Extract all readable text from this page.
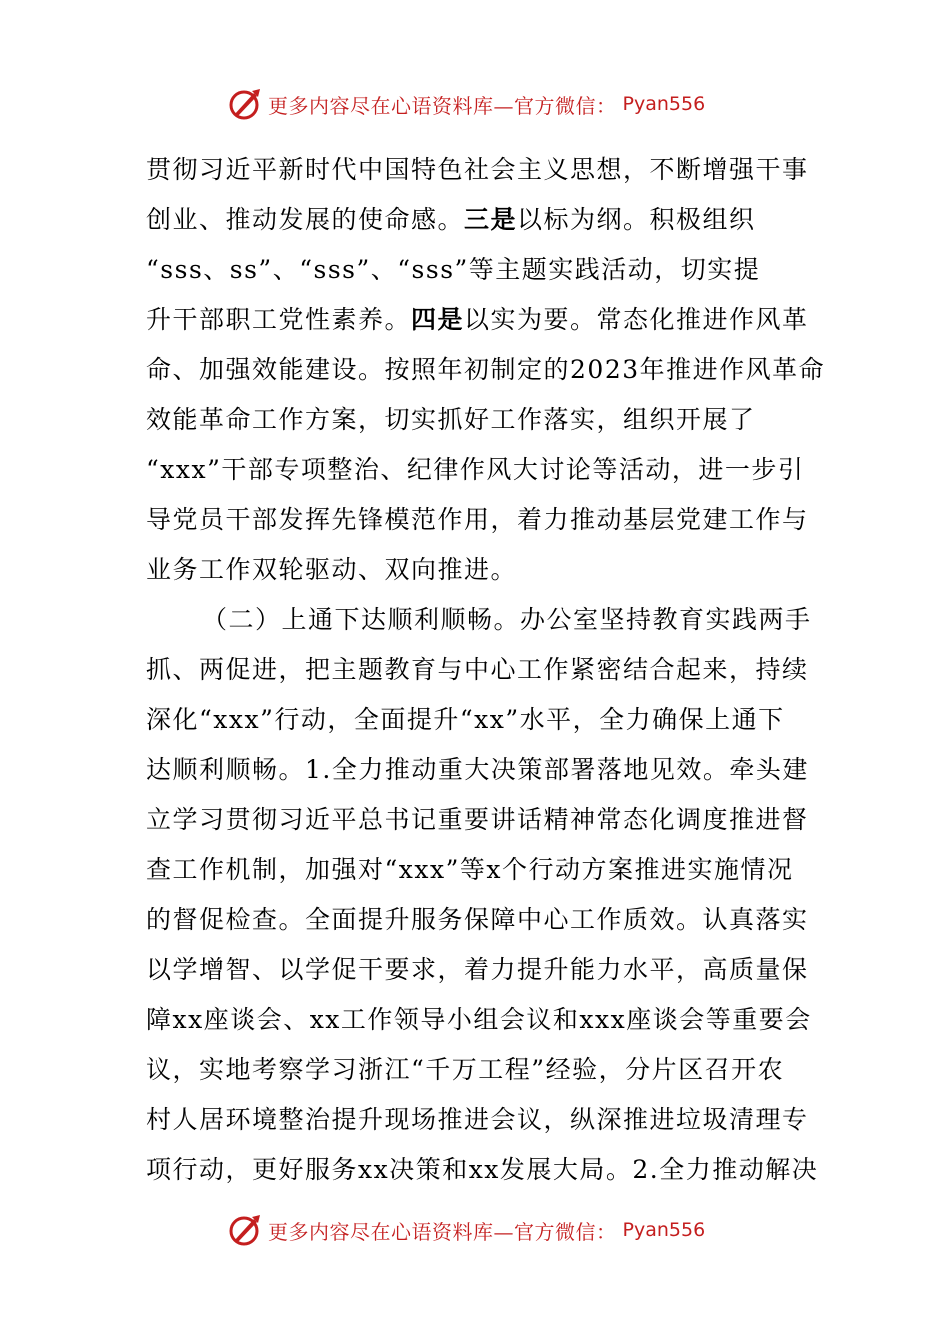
更多内容尽在心语资料库—官方微信： Pyan556
贯彻习近平新时代中国特色社会主义思想，不断增强干事
创业、推动发展的使命感。三是以标为纲。积极组织
“sss、ss”、“sss”、“sss”等主题实践活动，切实提
升干部职工党性素养。四是以实为要。常态化推进作风革
命、加强效能建设。按照年初制定的2023年推进作风革命
效能革命工作方案，切实抓好工作落实，组织开展了
“xxx”干部专项整治、纪律作风大讨论等活动，进一步引
导党员干部发挥先锋模范作用，着力推动基层党建工作与
业务工作双轮驱动、双向推进。
（二）上通下达顺利顺畅。办公室坚持教育实践两手
抓、两促进，把主题教育与中心工作紧密结合起来，持续
深化“xxx”行动，全面提升“xx”水平，全力确保上通下
达顺利顺畅。1.全力推动重大决策部署落地见效。牵头建
立学习贯彻习近平总书记重要讲话精神常态化调度推进督
查工作机制，加强对“xxx”等x个行动方案推进实施情况
的督促检查。全面提升服务保障中心工作质效。认真落实
以学增智、以学促干要求，着力提升能力水平，高质量保
障xx座谈会、xx工作领导小组会议和xxx座谈会等重要会
议，实地考察学习浙江“千万工程”经验，分片区召开农
村人居环境整治提升现场推进会议，纵深推进垃圾清理专
项行动，更好服务xx决策和xx发展大局。2.全力推动解决
更多内容尽在心语资料库—官方微信： Pyan556
